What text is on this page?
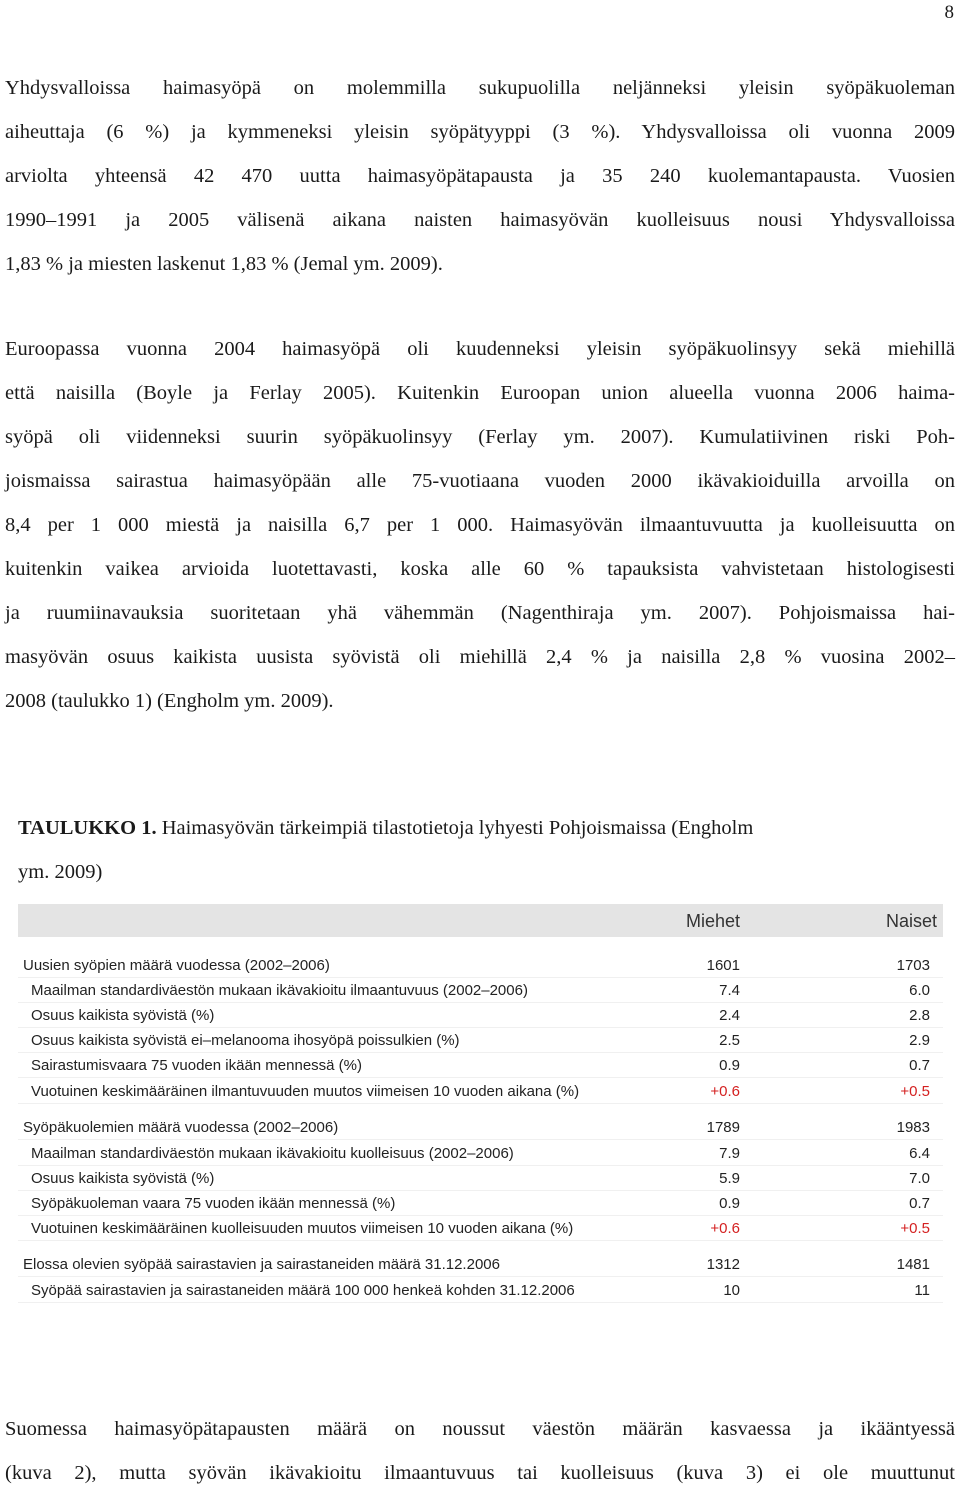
8
Yhdysvalloissa haimasyöpä on molemmilla sukupuolilla neljänneksi yleisin syöpäkuoleman
aiheuttaja (6 %) ja kymmeneksi yleisin syöpätyyppi (3 %). Yhdysvalloissa oli vuonna 2009
arviolta yhteensä 42 470 uutta haimasyöpätapausta ja 35 240 kuolemantapausta. Vuosien
1990–1991 ja 2005 välisenä aikana naisten haimasyövän kuolleisuus nousi Yhdysvalloissa
1,83 % ja miesten laskenut 1,83 % (Jemal ym. 2009).
Euroopassa vuonna 2004 haimasyöpä oli kuudenneksi yleisin syöpäkuolinsyy sekä miehillä
että naisilla (Boyle ja Ferlay 2005). Kuitenkin Euroopan union alueella vuonna 2006 haima-
syöpä oli viidenneksi suurin syöpäkuolinsyy (Ferlay ym. 2007). Kumulatiivinen riski Poh-
joismaissa sairastua haimasyöpään alle 75-vuotiaana vuoden 2000 ikävakioiduilla arvoilla on
8,4 per 1 000 miestä ja naisilla 6,7 per 1 000. Haimasyövän ilmaantuvuutta ja kuolleisuutta on
kuitenkin vaikea arvioida luotettavasti, koska alle 60 % tapauksista vahvistetaan histologisesti
ja ruumiinavauksia suoritetaan yhä vähemmän (Nagenthiraja ym. 2007). Pohjoismaissa hai-
masyövän osuus kaikista uusista syövistä oli miehillä 2,4 % ja naisilla 2,8 % vuosina 2002–
2008 (taulukko 1) (Engholm ym. 2009).
TAULUKKO 1. Haimasyövän tärkeimpiä tilastotietoja lyhyesti Pohjoismaissa (Engholm
ym. 2009)
Miehet	Naiset
Uusien syöpien määrä vuodessa (2002–2006)	1601	1703
Maailman standardiväestön mukaan ikävakioitu ilmaantuvuus (2002–2006)	7.4	6.0
Osuus kaikista syövistä (%)	2.4	2.8
Osuus kaikista syövistä ei–melanooma ihosyöpä poissulkien (%)	2.5	2.9
Sairastumisvaara 75 vuoden ikään mennessä (%)	0.9	0.7
Vuotuinen keskimääräinen ilmantuvuuden muutos viimeisen 10 vuoden aikana (%)	+0.6	+0.5
Syöpäkuolemien määrä vuodessa (2002–2006)	1789	1983
Maailman standardiväestön mukaan ikävakioitu kuolleisuus (2002–2006)	7.9	6.4
Osuus kaikista syövistä (%)	5.9	7.0
Syöpäkuoleman vaara 75 vuoden ikään mennessä (%)	0.9	0.7
Vuotuinen keskimääräinen kuolleisuuden muutos viimeisen 10 vuoden aikana (%)	+0.6	+0.5
Elossa olevien syöpää sairastavien ja sairastaneiden määrä 31.12.2006	1312	1481
Syöpää sairastavien ja sairastaneiden määrä 100 000 henkeä kohden 31.12.2006	10	11
Suomessa haimasyöpätapausten määrä on noussut väestön määrän kasvaessa ja ikääntyessä
(kuva 2), mutta syövän ikävakioitu ilmaantuvuus tai kuolleisuus (kuva 3) ei ole muuttunut
